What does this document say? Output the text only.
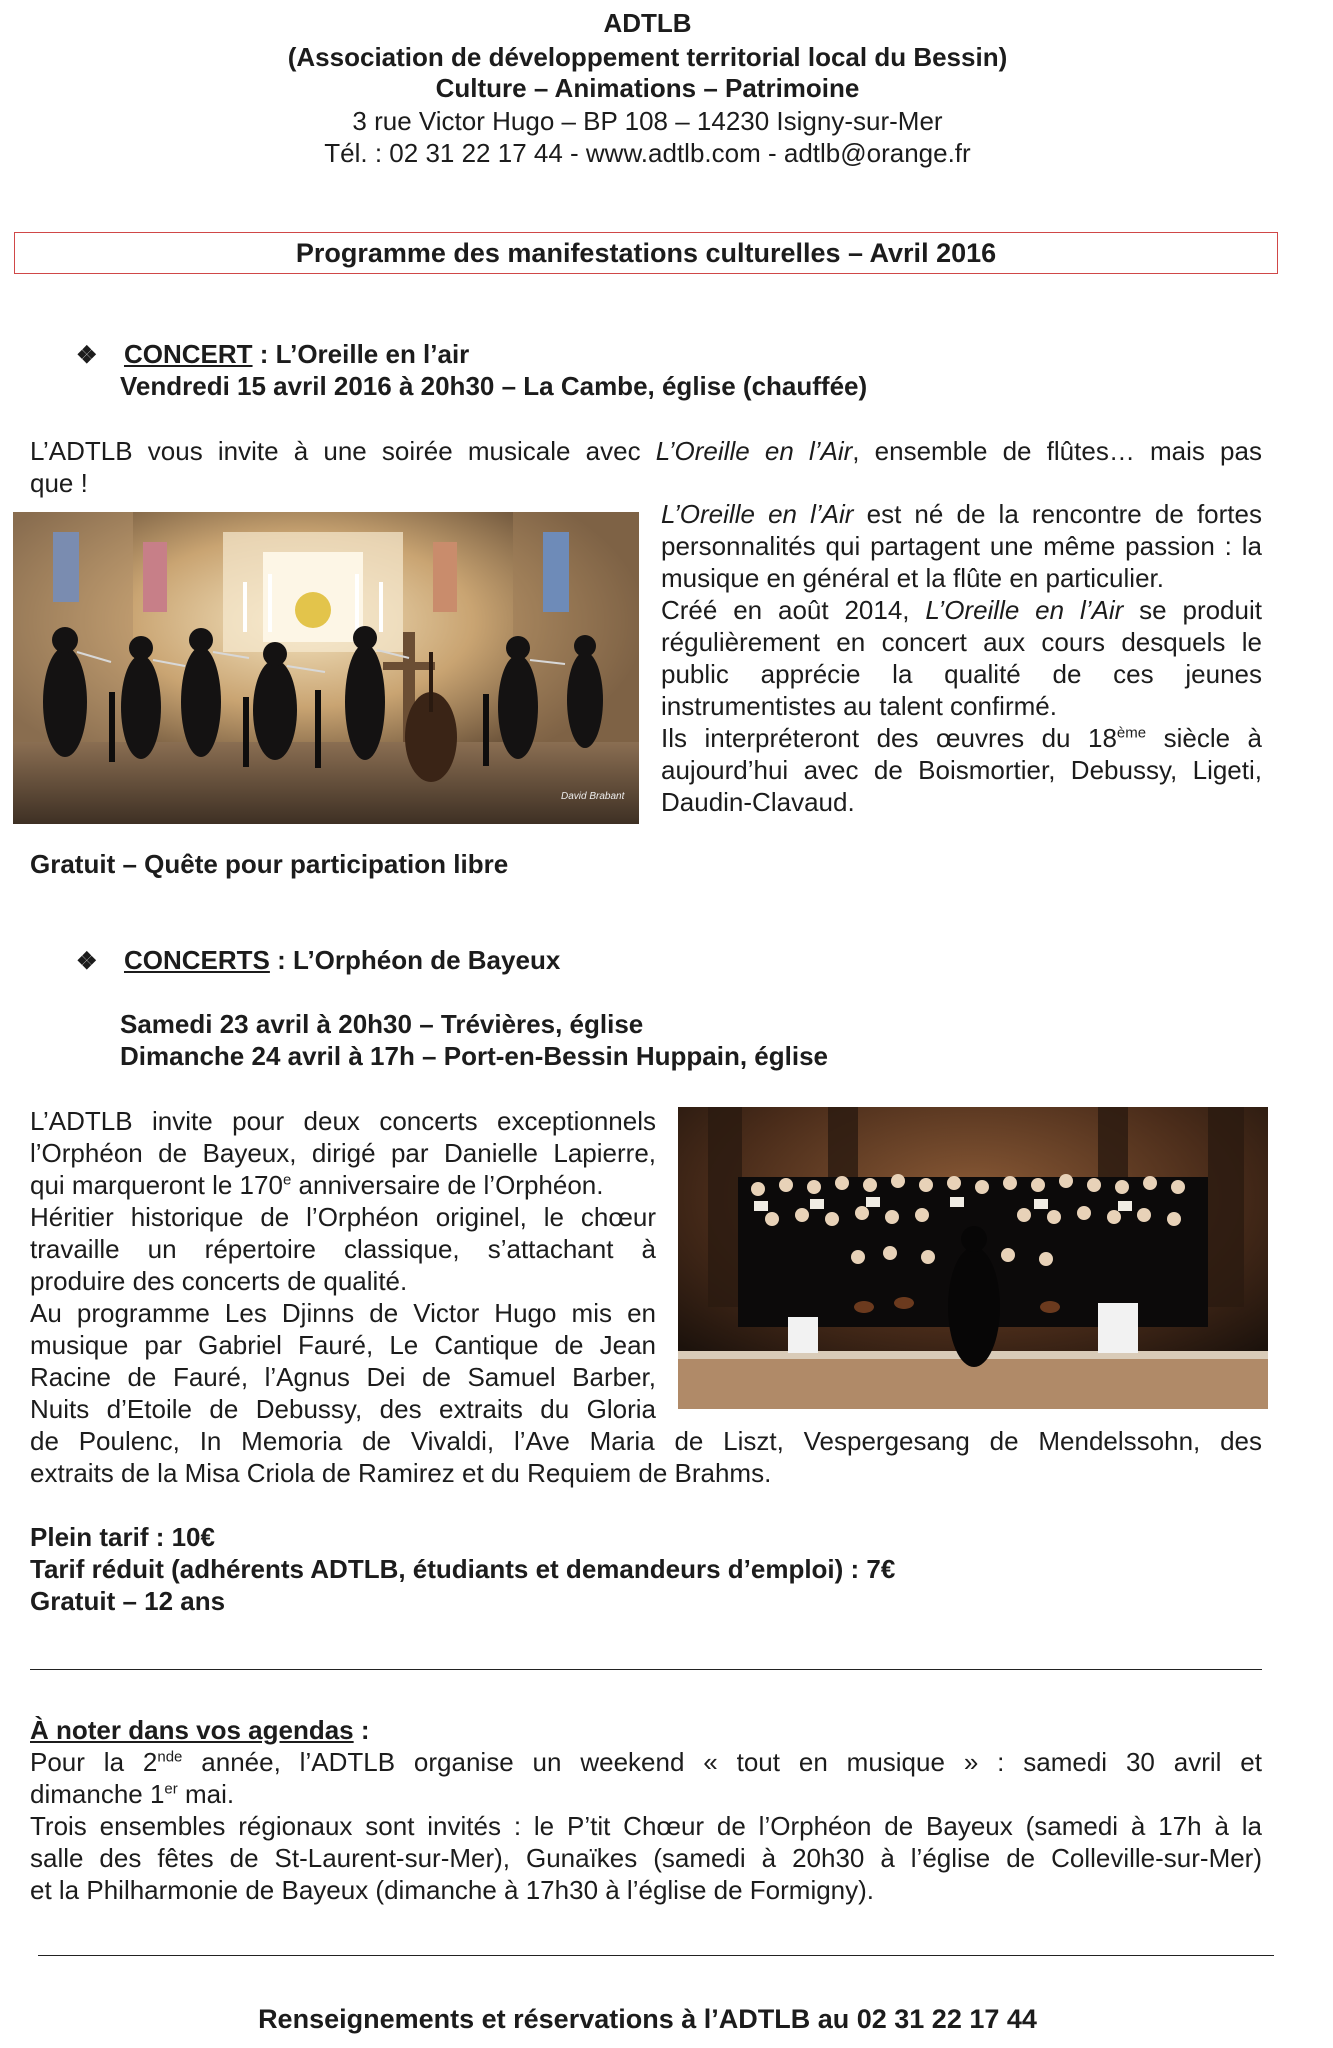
ADTLB
(Association de développement territorial local du Bessin)
Culture – Animations – Patrimoine
3 rue Victor Hugo – BP 108 – 14230 Isigny-sur-Mer
Tél. : 02 31 22 17 44 - www.adtlb.com - adtlb@orange.fr
Programme des manifestations culturelles – Avril 2016
❖ CONCERT : L’Oreille en l’air
Vendredi 15 avril 2016 à 20h30 – La Cambe, église (chauffée)
L’ADTLB vous invite à une soirée musicale avec L’Oreille en l’Air, ensemble de flûtes… mais pas
que !
David Brabant
L’Oreille en l’Air est né de la rencontre de fortes personnalités qui partagent une même passion : la musique en général et la flûte en particulier.
Créé en août 2014, L’Oreille en l’Air se produit régulièrement en concert aux cours desquels le public apprécie la qualité de ces jeunes instrumentistes au talent confirmé.
Ils interpréteront des œuvres du 18ème siècle à aujourd’hui avec de Boismortier, Debussy, Ligeti, Daudin-Clavaud.
Gratuit – Quête pour participation libre
❖ CONCERTS : L’Orphéon de Bayeux
Samedi 23 avril à 20h30 – Trévières, église
Dimanche 24 avril à 17h – Port-en-Bessin Huppain, église
L’ADTLB invite pour deux concerts exceptionnels
l’Orphéon de Bayeux, dirigé par Danielle Lapierre,
qui marqueront le 170e anniversaire de l’Orphéon.
Héritier historique de l’Orphéon originel, le chœur
travaille un répertoire classique, s’attachant à
produire des concerts de qualité.
Au programme Les Djinns de Victor Hugo mis en
musique par Gabriel Fauré, Le Cantique de Jean
Racine de Fauré, l’Agnus Dei de Samuel Barber,
Nuits d’Etoile de Debussy, des extraits du Gloria
de Poulenc, In Memoria de Vivaldi, l’Ave Maria de Liszt, Vespergesang de Mendelssohn, des
extraits de la Misa Criola de Ramirez et du Requiem de Brahms.
Plein tarif : 10€
Tarif réduit (adhérents ADTLB, étudiants et demandeurs d’emploi) : 7€
Gratuit – 12 ans
À noter dans vos agendas :
Pour la 2nde année, l’ADTLB organise un weekend « tout en musique » : samedi 30 avril et
dimanche 1er mai.
Trois ensembles régionaux sont invités : le P’tit Chœur de l’Orphéon de Bayeux (samedi à 17h à la
salle des fêtes de St-Laurent-sur-Mer), Gunaïkes (samedi à 20h30 à l’église de Colleville-sur-Mer)
et la Philharmonie de Bayeux (dimanche à 17h30 à l’église de Formigny).
Renseignements et réservations à l’ADTLB au 02 31 22 17 44
